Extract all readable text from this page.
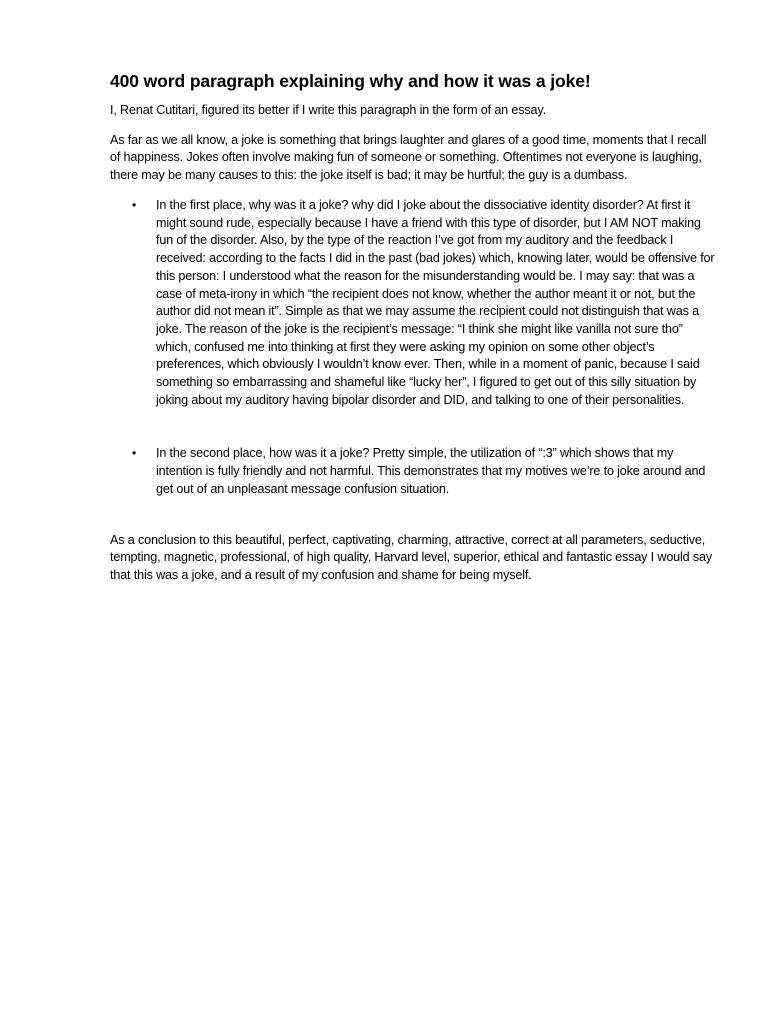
400 word paragraph explaining why and how it was a joke!

I, Renat Cutitari, figured its better if I write this paragraph in the form of an essay.

As far as we all know, a joke is something that brings laughter and glares of a good time, moments that I recall of happiness. Jokes often involve making fun of someone or something. Oftentimes not everyone is laughing, there may be many causes to this: the joke itself is bad; it may be hurtful; the guy is a dumbass.

• In the first place, why was it a joke? why did I joke about the dissociative identity disorder? At first it might sound rude, especially because I have a friend with this type of disorder, but I AM NOT making fun of the disorder. Also, by the type of the reaction I’ve got from my auditory and the feedback I received: according to the facts I did in the past (bad jokes) which, knowing later, would be offensive for this person: I understood what the reason for the misunderstanding would be. I may say: that was a case of meta-irony in which “the recipient does not know, whether the author meant it or not, but the author did not mean it”. Simple as that we may assume the recipient could not distinguish that was a joke. The reason of the joke is the recipient’s message: “I think she might like vanilla not sure tho” which, confused me into thinking at first they were asking my opinion on some other object’s preferences, which obviously I wouldn’t know ever. Then, while in a moment of panic, because I said something so embarrassing and shameful like “lucky her”, I figured to get out of this silly situation by joking about my auditory having bipolar disorder and DID, and talking to one of their personalities.
• In the second place, how was it a joke? Pretty simple, the utilization of “:3” which shows that my intention is fully friendly and not harmful. This demonstrates that my motives we’re to joke around and get out of an unpleasant message confusion situation.

As a conclusion to this beautiful, perfect, captivating, charming, attractive, correct at all parameters, seductive, tempting, magnetic, professional, of high quality, Harvard level, superior, ethical and fantastic essay I would say that this was a joke, and a result of my confusion and shame for being myself.
